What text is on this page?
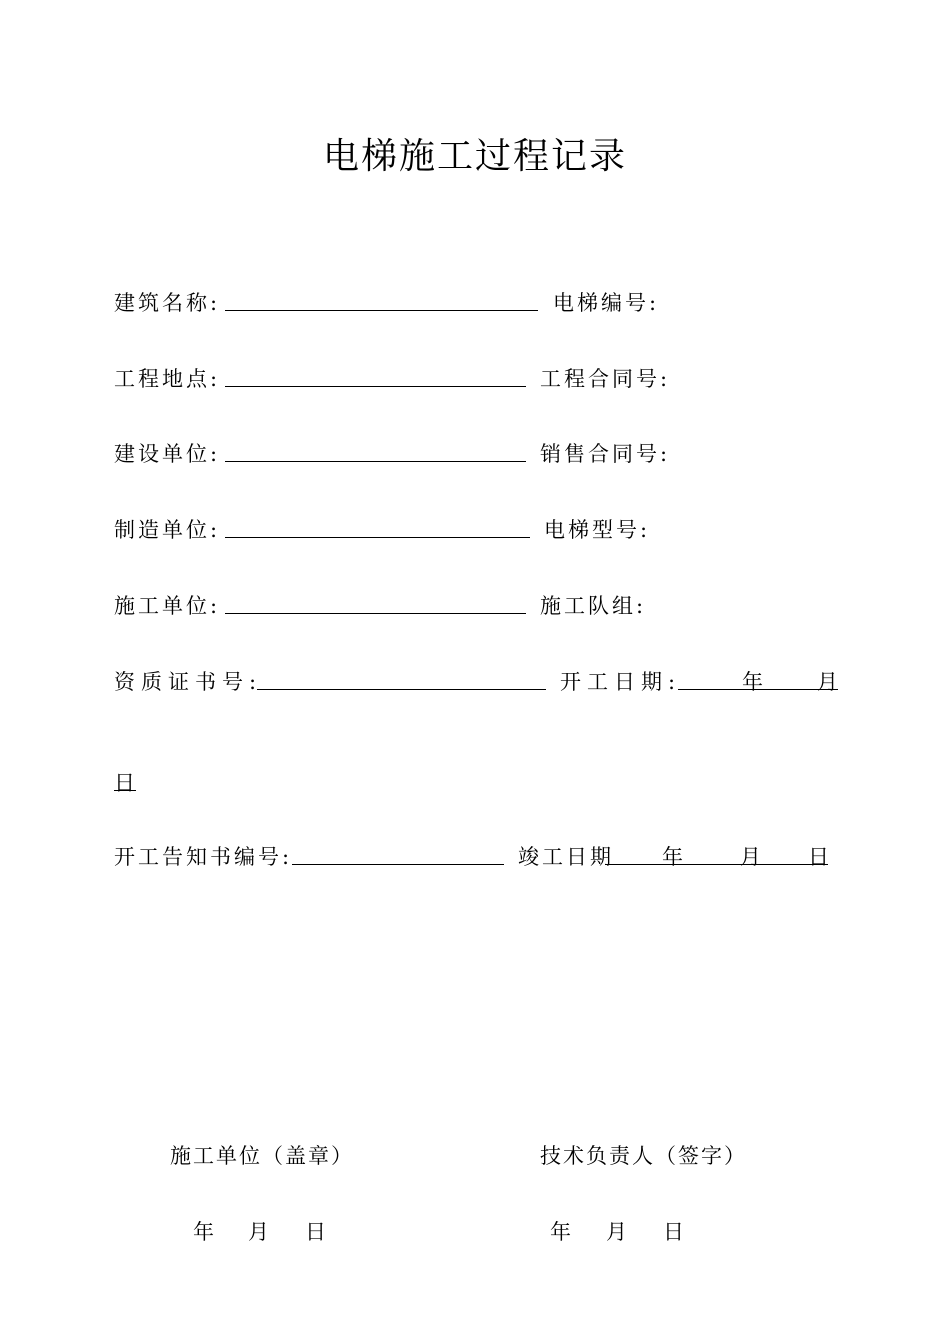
电梯施工过程记录
建筑名称:	电梯编号:
工程地点:	工程合同号:
建设单位:	销售合同号:
制造单位:	电梯型号:
施工单位:	施工队组:
资质证书号:	开工日期:	年 月
日
开工告知书编号:	竣工日期 年	月 日
施工单位（盖章）	技术负责人（签字）
年 月 日	年 月 日
